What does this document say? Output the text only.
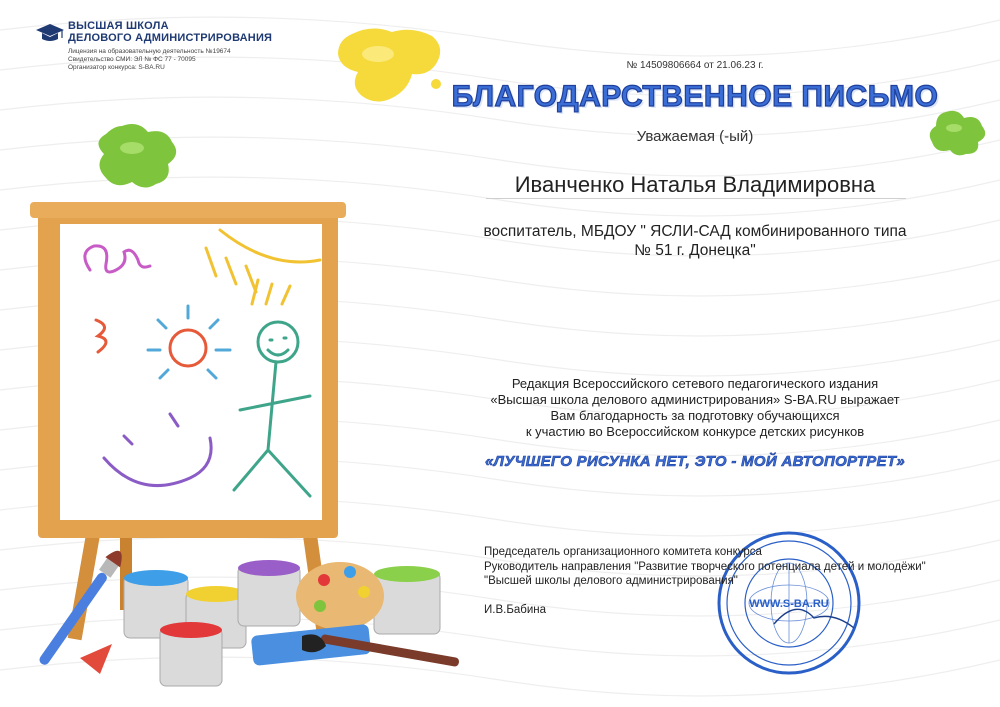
ВЫСШАЯ ШКОЛА
ДЕЛОВОГО АДМИНИСТРИРОВАНИЯ
Лицензия на образовательную деятельность №19674
Свидетельство СМИ: ЭЛ № ФС 77 - 70095
Организатор конкурса: S-BA.RU	№ 14509806664 от 21.06.23 г.
БЛАГОДАРСТВЕННОЕ ПИСЬМО
Уважаемая (-ый)
Иванченко Наталья Владимировна
воспитатель, МБДОУ " ЯСЛИ-САД комбинированного типа
№ 51 г. Донецка"
Редакция Всероссийского сетевого педагогического издания
«Высшая школа делового администрирования» S-BA.RU выражает
Вам благодарность за подготовку обучающихся
к участию во Всероссийском конкурсе детских рисунков
«ЛУЧШЕГО РИСУНКА НЕТ, ЭТО - МОЙ АВТОПОРТРЕТ»
WWW.S-BA.RU
Председатель организационного комитета конкурса
Руководитель направления "Развитие творческого потенциала детей и молодёжи"
"Высшей школы делового администрирования"
И.В.Бабина
